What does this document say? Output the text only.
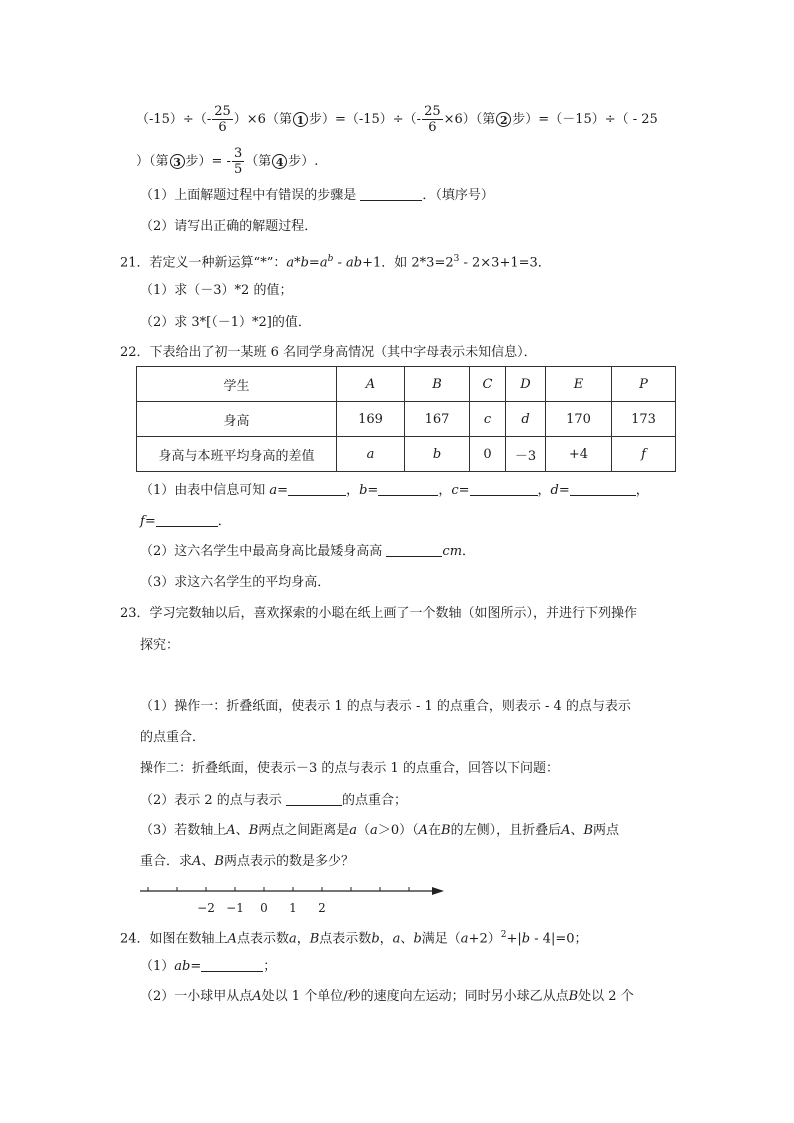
$(-15)\div(- \frac{25}{6} )\times 6$（第 1 步）$=(-15)\div(- \frac{25}{6} \times 6)$（第 2 步）=（－15）÷（ - 25
）（第 3 步）= - $\frac{3}{5}$ （第 4 步）.
（1）上面解题过程中有错误的步骤是	．（填序号）
（2）请写出正确的解题过程．
21．若定义一种新运算“*”：$a*b=a^b - ab+1$．如 $2*3=2^3 - 2\times 3+1=3$．
（1）求（－3）*2 的值；
（2）求 3*[（－1）*2]的值．
22．下表给出了初一某班 6 名同学身高情况（其中字母表示未知信息）．
学生	A	B	C	D	E	P
身高	169	167	c	d	170	173
身高与本班平均身高的差值	a	b	0	－3	+4	f
（1）由表中信息可知 a=	，b=	，c=	，d=	，
f=	．
（2）这六名学生中最高身高比最矮身高高	cm．
（3）求这六名学生的平均身高．
23．学习完数轴以后，喜欢探索的小聪在纸上画了一个数轴（如图所示），并进行下列操作
探究：
（1）操作一：折叠纸面，使表示 1 的点与表示 - 1 的点重合，则表示 - 4 的点与表示
的点重合．
操作二：折叠纸面，使表示－3 的点与表示 1 的点重合，回答以下问题：
（2）表示 2 的点与表示	的点重合；
（3）若数轴上A、B两点之间距离是a（a＞0）（A在B的左侧），且折叠后A、B两点
重合．求A、B两点表示的数是多少？
−2 −1 0 1 2
24．如图在数轴上A点表示数a，B点表示数b，a、b满足$(a+2)^2+|b - 4|=0$；
（1）ab=	；
（2）一小球甲从点A处以 1 个单位/秒的速度向左运动；同时另小球乙从点B处以 2 个
